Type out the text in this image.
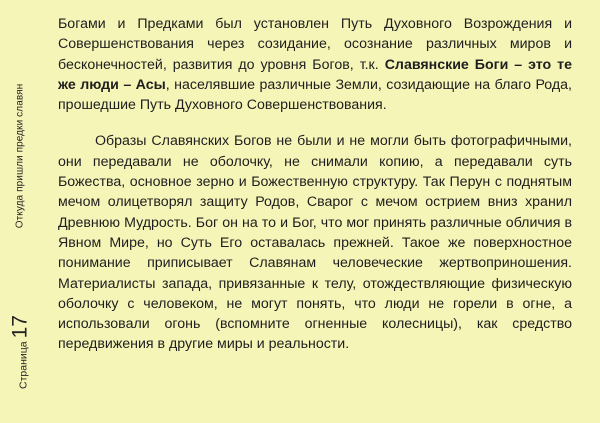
Откуда пришли предки славян
Страница
17

Богами и Предками был установлен Путь Духовного Возрождения и Совершенствования через созидание, осознание различных миров и бесконечностей, развития до уровня Богов, т.к. Славянские Боги – это те же люди – Асы, населявшие различные Земли, созидающие на благо Рода, прошедшие Путь Духовного Совершенствования.

Образы Славянских Богов не были и не могли быть фотографичными, они передавали не оболочку, не снимали копию, а передавали суть Божества, основное зерно и Божественную структуру. Так Перун с поднятым мечом олицетворял защиту Родов, Сварог с мечом острием вниз хранил Древнюю Мудрость. Бог он на то и Бог, что мог принять различные обличия в Явном Мире, но Суть Его оставалась прежней. Такое же поверхностное понимание приписывает Славянам человеческие жертвоприношения. Материалисты запада, привязанные к телу, отождествляющие физическую оболочку с человеком, не могут понять, что люди не горели в огне, а использовали огонь (вспомните огненные колесницы), как средство передвижения в другие миры и реальности.
